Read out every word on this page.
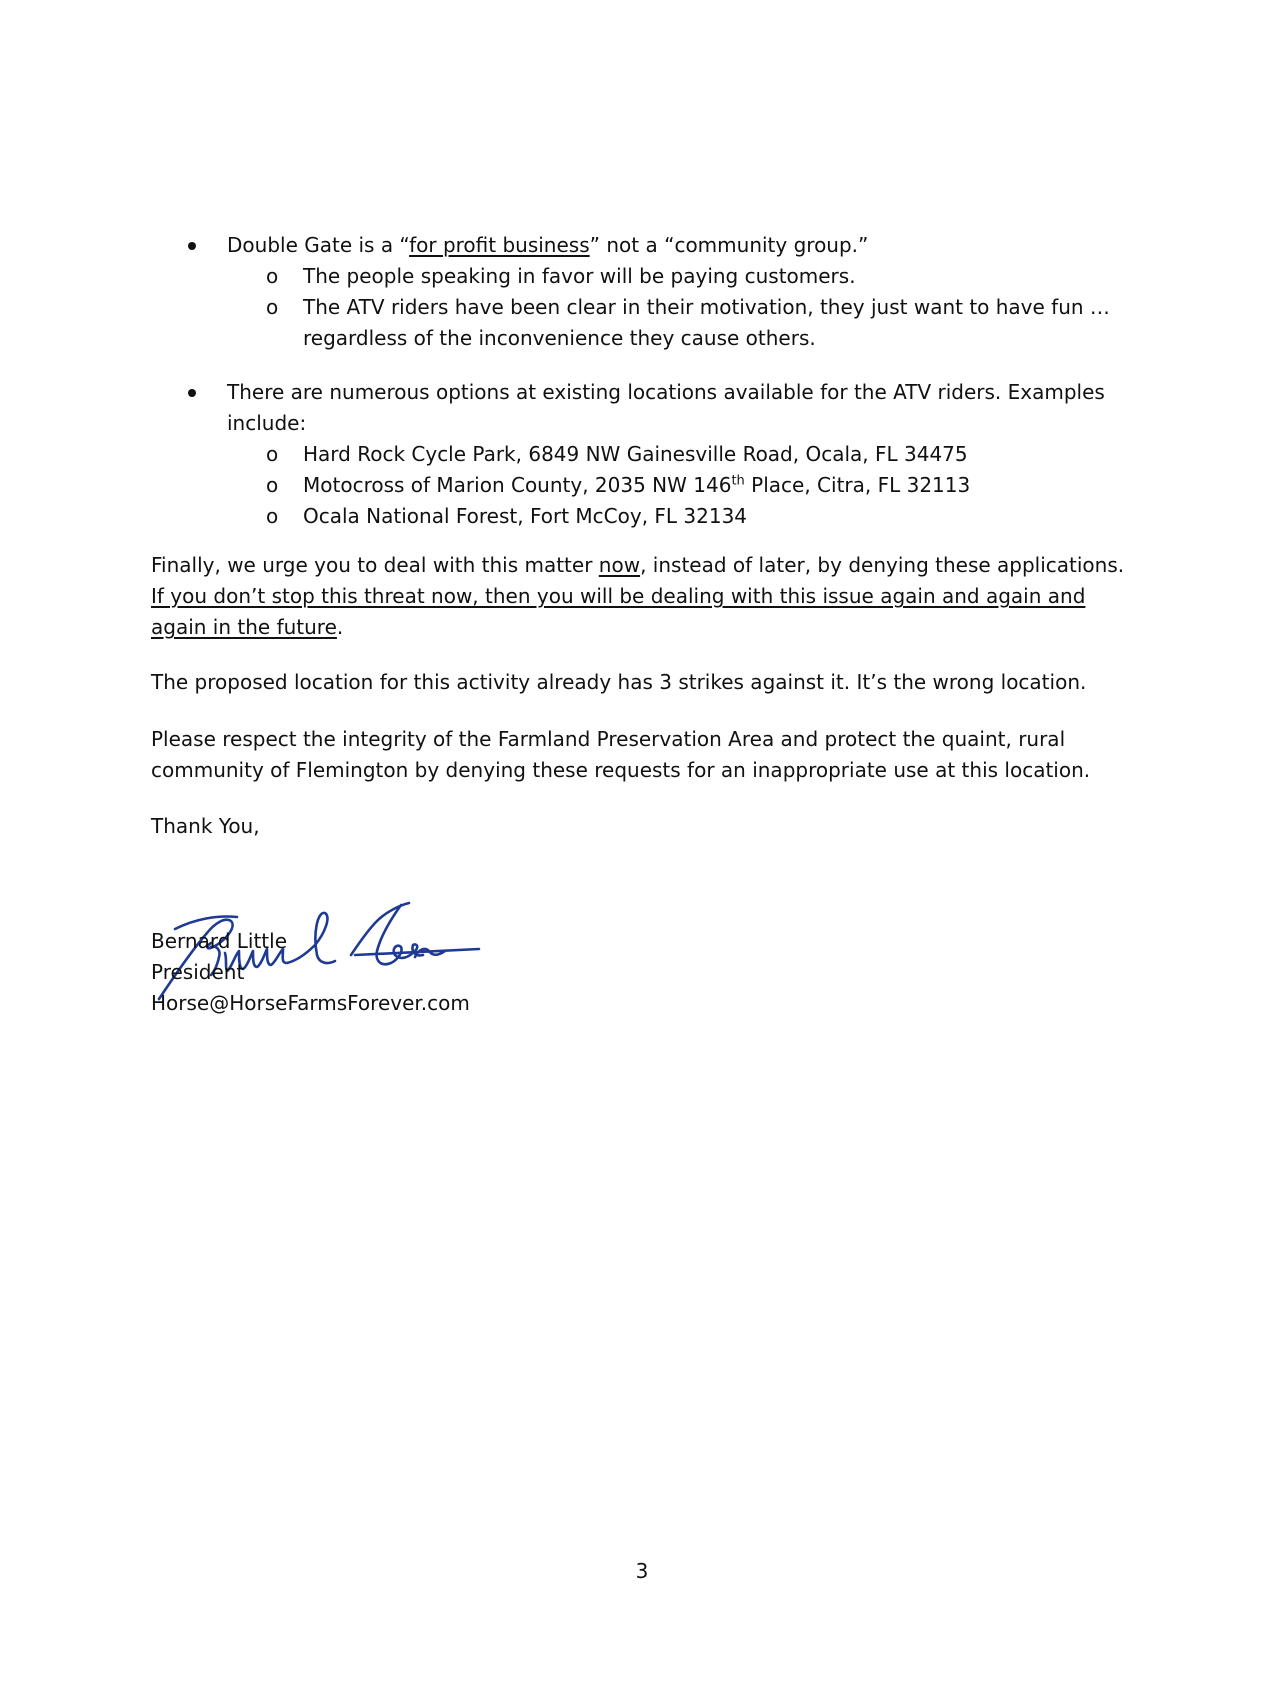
Double Gate is a “for profit business” not a “community group.”
o The people speaking in favor will be paying customers.
o The ATV riders have been clear in their motivation, they just want to have fun … regardless of the inconvenience they cause others.
There are numerous options at existing locations available for the ATV riders. Examples include:
o Hard Rock Cycle Park, 6849 NW Gainesville Road, Ocala, FL 34475
o Motocross of Marion County, 2035 NW 146th Place, Citra, FL 32113
o Ocala National Forest, Fort McCoy, FL 32134

Finally, we urge you to deal with this matter now, instead of later, by denying these applications. If you don’t stop this threat now, then you will be dealing with this issue again and again and again in the future.

The proposed location for this activity already has 3 strikes against it. It’s the wrong location.

Please respect the integrity of the Farmland Preservation Area and protect the quaint, rural community of Flemington by denying these requests for an inappropriate use at this location.

Thank You,

Bernard Little
President
Horse@HorseFarmsForever.com
3
